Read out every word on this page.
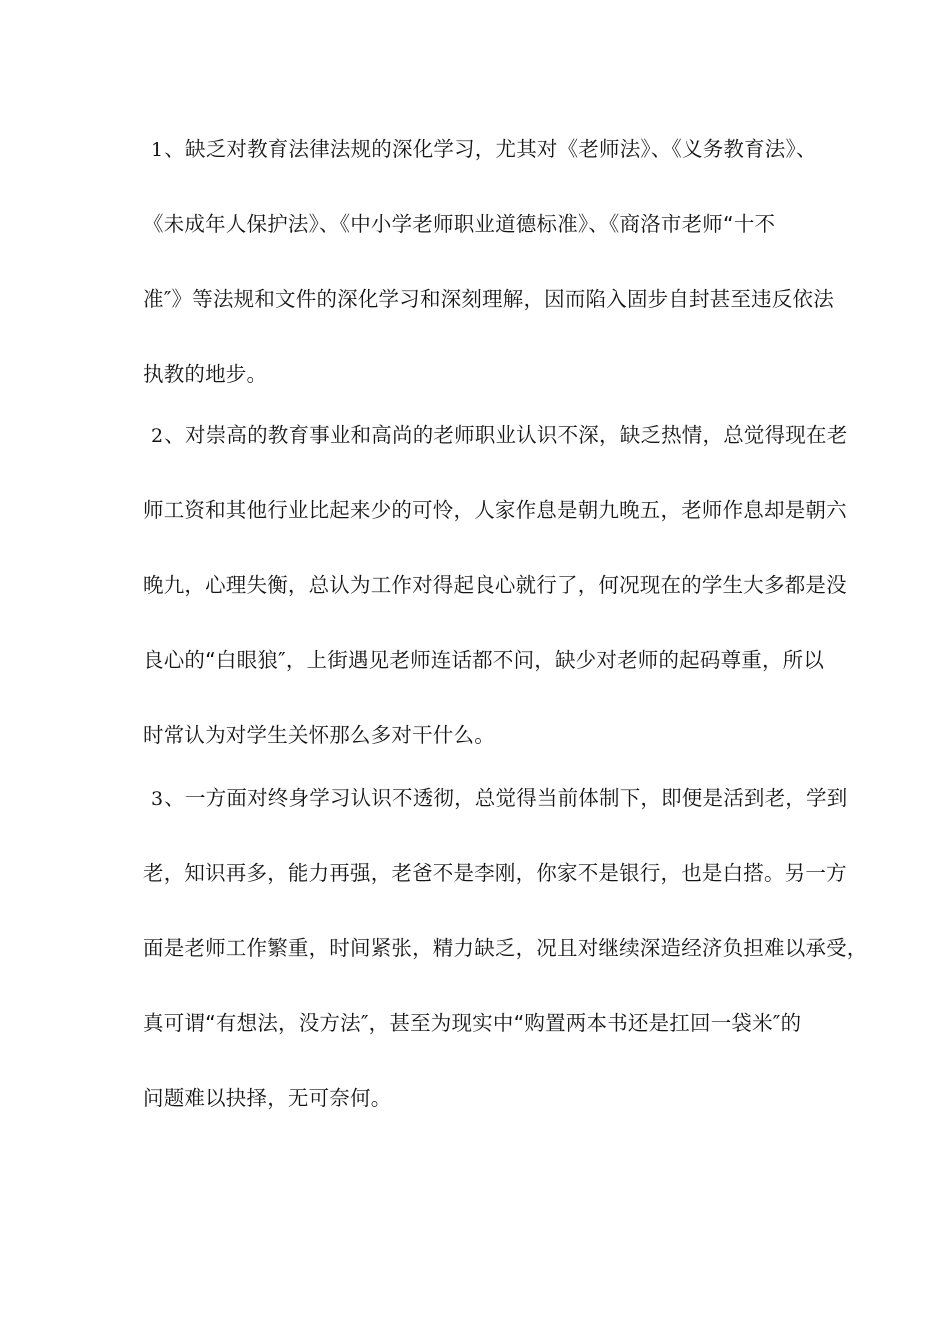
1、缺乏对教育法律法规的深化学习，尤其对《老师法》、《义务教育法》、
《未成年人保护法》、《中小学老师职业道德标准》、《商洛市老师“十不
准″》等法规和文件的深化学习和深刻理解，因而陷入固步自封甚至违反依法
执教的地步。
2、对崇高的教育事业和高尚的老师职业认识不深，缺乏热情，总觉得现在老
师工资和其他行业比起来少的可怜，人家作息是朝九晚五，老师作息却是朝六
晚九，心理失衡，总认为工作对得起良心就行了，何况现在的学生大多都是没
良心的“白眼狼″，上街遇见老师连话都不问，缺少对老师的起码尊重，所以
时常认为对学生关怀那么多对干什么。
3、一方面对终身学习认识不透彻，总觉得当前体制下，即便是活到老，学到
老，知识再多，能力再强，老爸不是李刚，你家不是银行，也是白搭。另一方
面是老师工作繁重，时间紧张，精力缺乏，况且对继续深造经济负担难以承受，
真可谓“有想法，没方法″，甚至为现实中“购置两本书还是扛回一袋米″的
问题难以抉择，无可奈何。
